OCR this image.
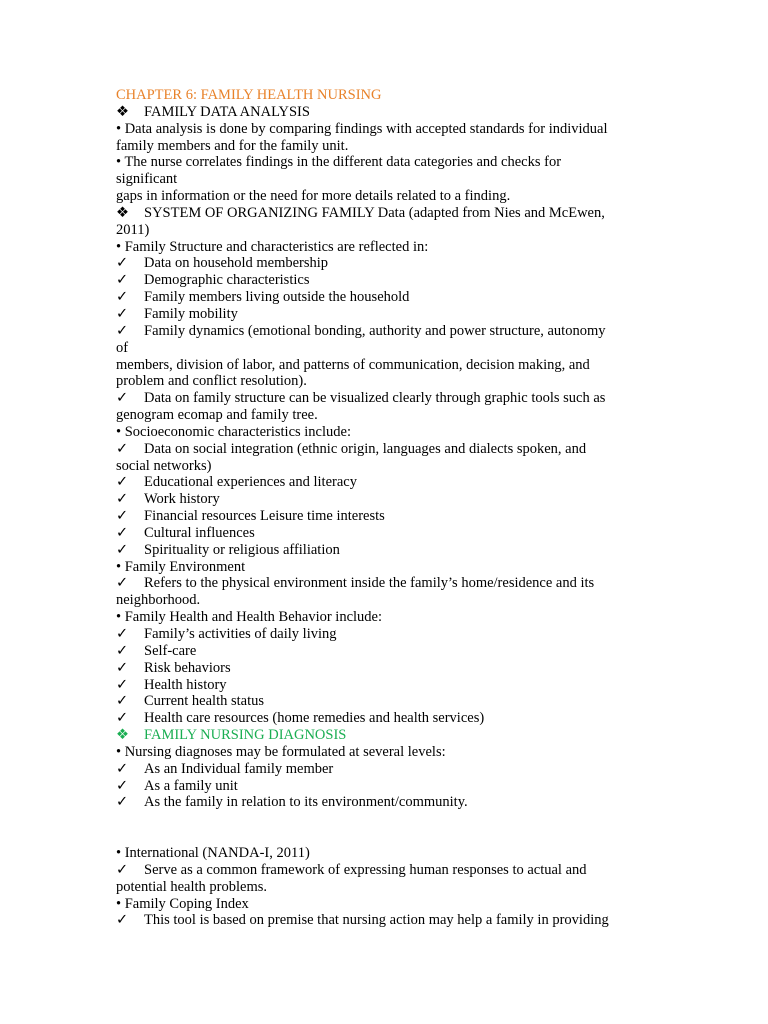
CHAPTER 6: FAMILY HEALTH NURSING
❖ FAMILY DATA ANALYSIS
• Data analysis is done by comparing findings with accepted standards for individual
family members and for the family unit.
• The nurse correlates findings in the different data categories and checks for
significant
gaps in information or the need for more details related to a finding.
❖ SYSTEM OF ORGANIZING FAMILY Data (adapted from Nies and McEwen,
2011)
• Family Structure and characteristics are reflected in:
✓ Data on household membership
✓ Demographic characteristics
✓ Family members living outside the household
✓ Family mobility
✓ Family dynamics (emotional bonding, authority and power structure, autonomy
of
members, division of labor, and patterns of communication, decision making, and
problem and conflict resolution).
✓ Data on family structure can be visualized clearly through graphic tools such as
genogram ecomap and family tree.
• Socioeconomic characteristics include:
✓ Data on social integration (ethnic origin, languages and dialects spoken, and
social networks)
✓ Educational experiences and literacy
✓ Work history
✓ Financial resources Leisure time interests
✓ Cultural influences
✓ Spirituality or religious affiliation
• Family Environment
✓ Refers to the physical environment inside the family’s home/residence and its
neighborhood.
• Family Health and Health Behavior include:
✓ Family’s activities of daily living
✓ Self-care
✓ Risk behaviors
✓ Health history
✓ Current health status
✓ Health care resources (home remedies and health services)
❖ FAMILY NURSING DIAGNOSIS
• Nursing diagnoses may be formulated at several levels:
✓ As an Individual family member
✓ As a family unit
✓ As the family in relation to its environment/community.
• International (NANDA-I, 2011)
✓ Serve as a common framework of expressing human responses to actual and
potential health problems.
• Family Coping Index
✓ This tool is based on premise that nursing action may help a family in providing
